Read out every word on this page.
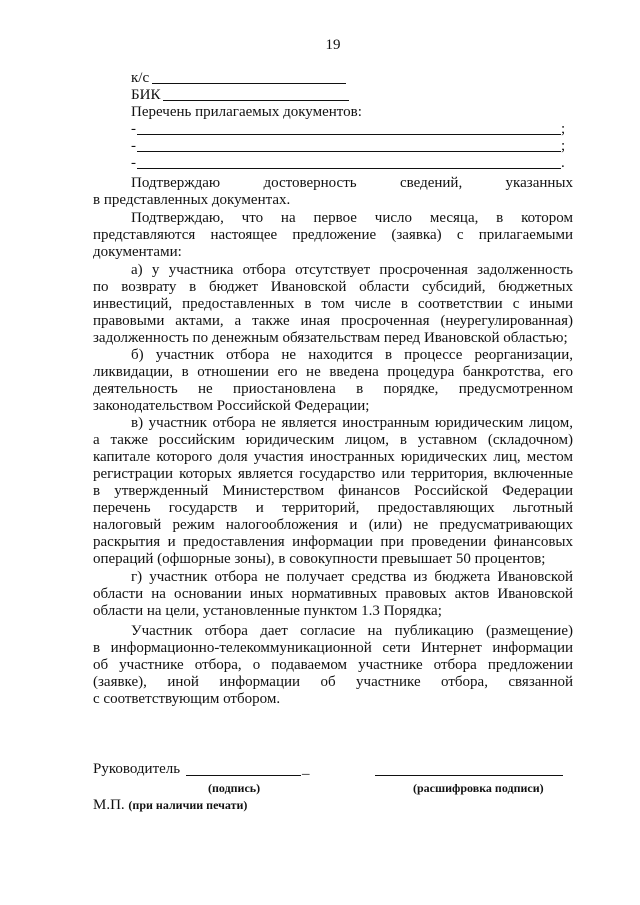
19
к/с
БИК
Перечень прилагаемых документов:
-	;
-	;
-	.
Подтверждаю достоверность сведений, указанных
в представленных документах.
Подтверждаю, что на первое число месяца, в котором
представляются настоящее предложение (заявка) с прилагаемыми
документами:
а) у участника отбора отсутствует просроченная задолженность
по возврату в бюджет Ивановской области субсидий, бюджетных
инвестиций, предоставленных в том числе в соответствии с иными
правовыми актами, а также иная просроченная (неурегулированная)
задолженность по денежным обязательствам перед Ивановской областью;
б) участник отбора не находится в процессе реорганизации,
ликвидации, в отношении его не введена процедура банкротства, его
деятельность не приостановлена в порядке, предусмотренном
законодательством Российской Федерации;
в) участник отбора не является иностранным юридическим лицом,
а также российским юридическим лицом, в уставном (складочном)
капитале которого доля участия иностранных юридических лиц, местом
регистрации которых является государство или территория, включенные
в утвержденный Министерством финансов Российской Федерации
перечень государств и территорий, предоставляющих льготный
налоговый режим налогообложения и (или) не предусматривающих
раскрытия и предоставления информации при проведении финансовых
операций (офшорные зоны), в совокупности превышает 50 процентов;
г) участник отбора не получает средства из бюджета Ивановской
области на основании иных нормативных правовых актов Ивановской
области на цели, установленные пунктом 1.3 Порядка;
Участник отбора дает согласие на публикацию (размещение)
в информационно-телекоммуникационной сети Интернет информации
об участнике отбора, о подаваемом участнике отбора предложении
(заявке), иной информации об участнике отбора, связанной
с соответствующим отбором.
Руководитель	_
(подпись)	(расшифровка подписи)
М.П. (при наличии печати)
